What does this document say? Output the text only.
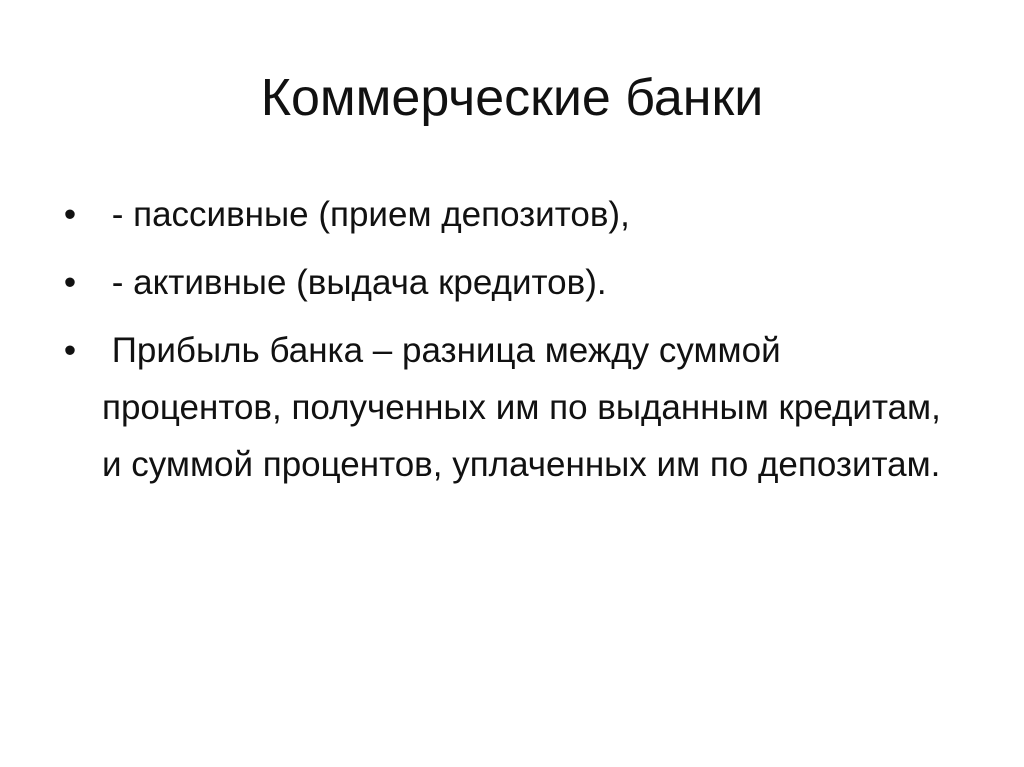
Коммерческие банки
• - пассивные (прием депозитов),
• - активные (выдача кредитов).
• Прибыль банка – разница между суммой процентов, полученных им по выданным кредитам, и суммой процентов, уплаченных им по депозитам.
